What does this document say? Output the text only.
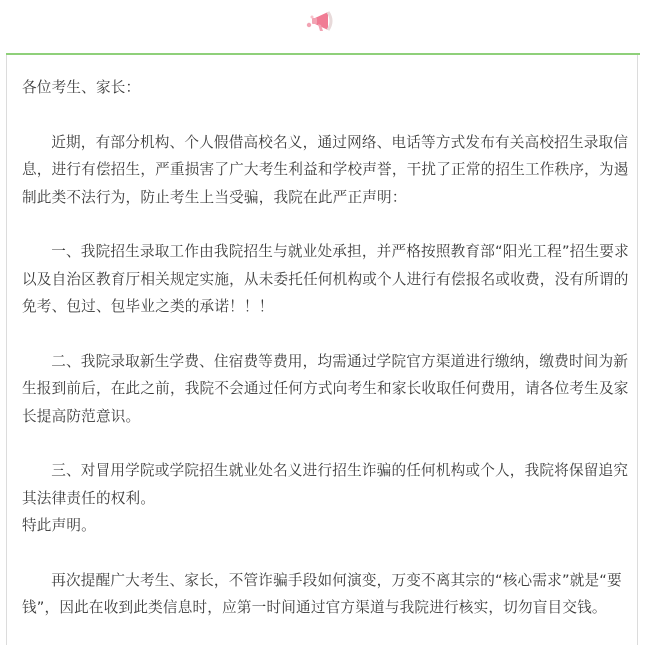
各位考生、家长：

近期，有部分机构、个人假借高校名义，通过网络、电话等方式发布有关高校招生录取信息，进行有偿招生，严重损害了广大考生利益和学校声誉，干扰了正常的招生工作秩序，为遏制此类不法行为，防止考生上当受骗，我院在此严正声明：

一、我院招生录取工作由我院招生与就业处承担，并严格按照教育部“阳光工程”招生要求以及自治区教育厅相关规定实施，从未委托任何机构或个人进行有偿报名或收费，没有所谓的免考、包过、包毕业之类的承诺！！！

二、我院录取新生学费、住宿费等费用，均需通过学院官方渠道进行缴纳，缴费时间为新生报到前后，在此之前，我院不会通过任何方式向考生和家长收取任何费用，请各位考生及家长提高防范意识。

三、对冒用学院或学院招生就业处名义进行招生诈骗的任何机构或个人，我院将保留追究其法律责任的权利。

特此声明。

再次提醒广大考生、家长，不管诈骗手段如何演变，万变不离其宗的“核心需求”就是“要钱”，因此在收到此类信息时，应第一时间通过官方渠道与我院进行核实，切勿盲目交钱。
